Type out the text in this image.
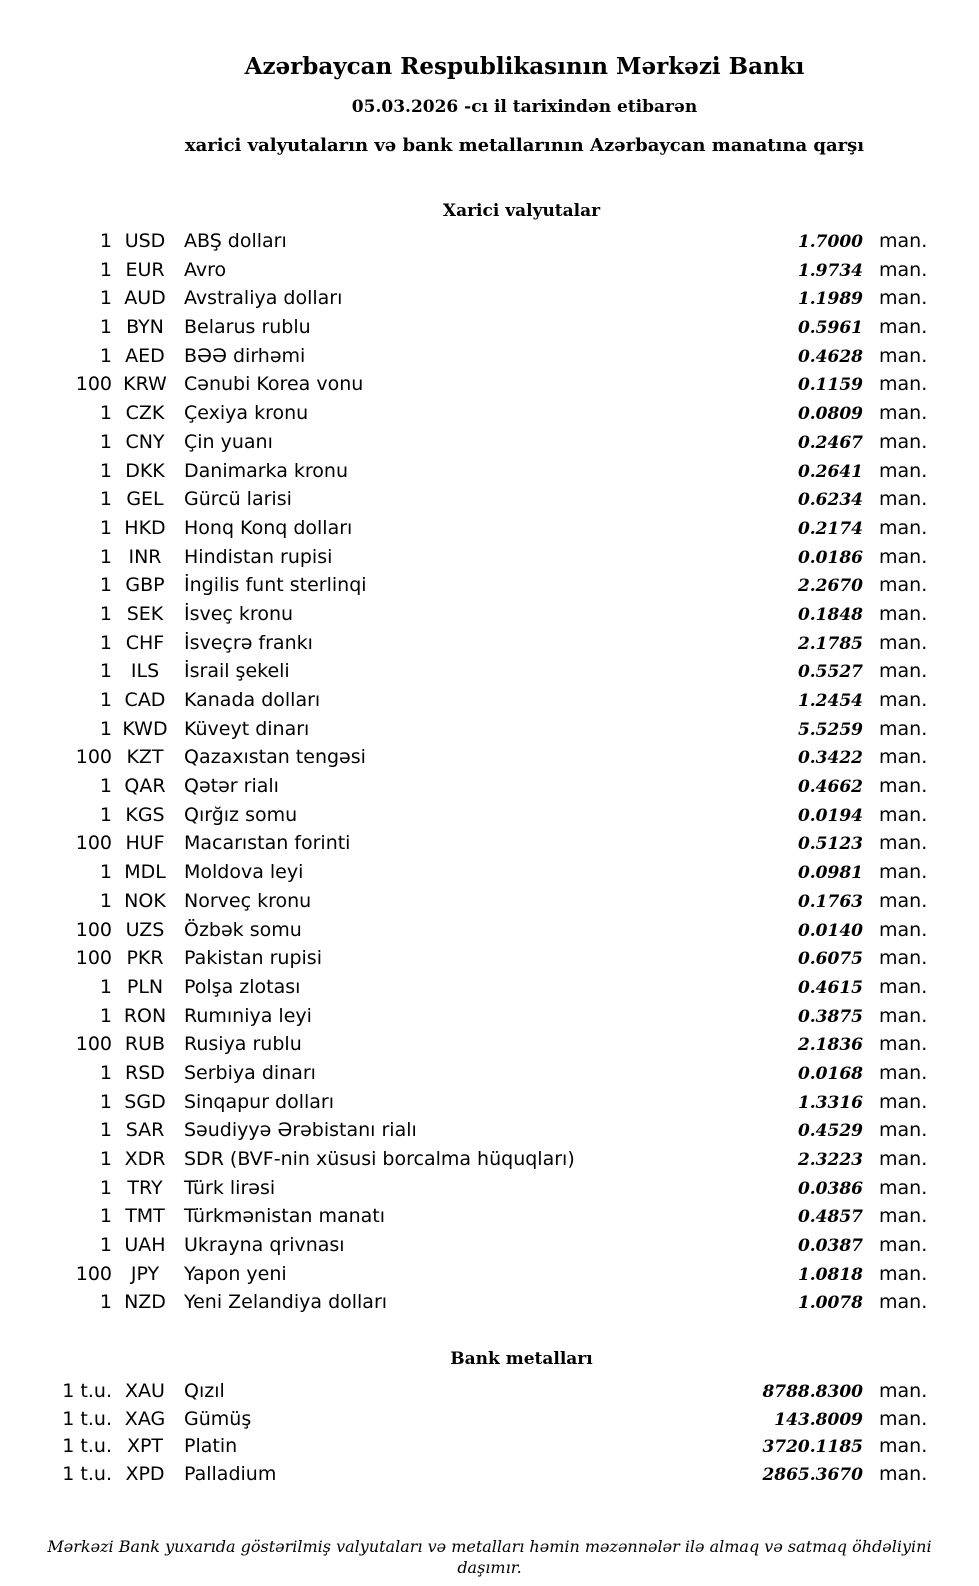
Azərbaycan Respublikasının Mərkəzi Bankı
05.03.2026 -cı il tarixindən etibarən
xarici valyutaların və bank metallarının Azərbaycan manatına qarşı
Xarici valyutalar
1 USD ABŞ dolları	1.7000 man.
1 EUR	Avro	1.9734 man.
1 AUD Avstraliya dolları	1.1989 man.
1 BYN	Belarus rublu	0.5961 man.
1 AED	BƏƏ dirhəmi	0.4628 man.
100 KRW Cənubi Korea vonu	0.1159 man.
1 CZK	Çexiya kronu	0.0809 man.
1 CNY	Çin yuanı	0.2467 man.
1 DKK	Danimarka kronu	0.2641 man.
1 GEL	Gürcü larisi	0.6234 man.
1 HKD Honq Konq dolları	0.2174 man.
1 INR	Hindistan rupisi	0.0186 man.
1 GBP	İngilis funt sterlinqi	2.2670 man.
1 SEK	İsveç kronu	0.1848 man.
1 CHF	İsveçrə frankı	2.1785 man.
1 ILS	İsrail şekeli	0.5527 man.
1 CAD Kanada dolları	1.2454 man.
1 KWD Küveyt dinarı	5.5259 man.
100 KZT	Qazaxıstan tengəsi	0.3422 man.
1 QAR Qətər rialı	0.4662 man.
1 KGS	Qırğız somu	0.0194 man.
100 HUF	Macarıstan forinti	0.5123 man.
1 MDL Moldova leyi	0.0981 man.
1 NOK Norveç kronu	0.1763 man.
100 UZS	Özbək somu	0.0140 man.
100 PKR	Pakistan rupisi	0.6075 man.
1 PLN	Polşa zlotası	0.4615 man.
1 RON Rumıniya leyi	0.3875 man.
100 RUB Rusiya rublu	2.1836 man.
1 RSD	Serbiya dinarı	0.0168 man.
1 SGD Sinqapur dolları	1.3316 man.
1 SAR	Səudiyyə Ərəbistanı rialı	0.4529 man.
1 XDR SDR (BVF-nin xüsusi borcalma hüquqları)	2.3223 man.
1 TRY	Türk lirəsi	0.0386 man.
1 TMT	Türkmənistan manatı	0.4857 man.
1 UAH Ukrayna qrivnası	0.0387 man.
100 JPY	Yapon yeni	1.0818 man.
1 NZD Yeni Zelandiya dolları	1.0078 man.
Bank metalları
1 t.u. XAU	Qızıl	8788.8300 man.
1 t.u. XAG Gümüş	143.8009 man.
1 t.u. XPT	Platin	3720.1185 man.
1 t.u. XPD	Palladium	2865.3670 man.
Mərkəzi Bank yuxarıda göstərilmiş valyutaları və metalları həmin məzənnələr ilə almaq və satmaq öhdəliyini daşımır.
